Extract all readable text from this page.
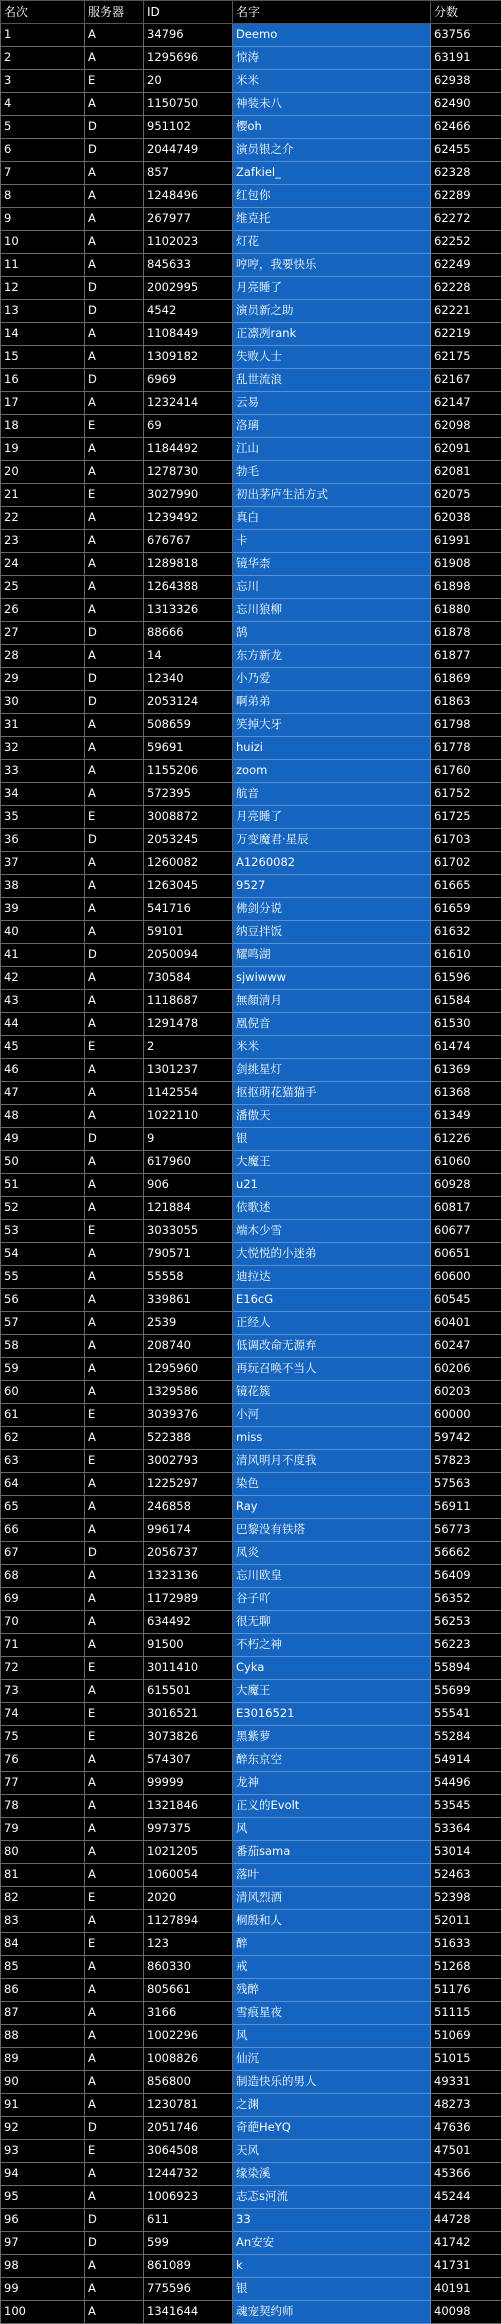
名次	服务器	ID	名字	分数
1	A	34796	Deemo	63756
2	A	1295696	惊涛	63191
3	E	20	米米	62938
4	A	1150750	神装未八	62490
5	D	951102	樱oh	62466
6	D	2044749	演员银之介	62455
7	A	857	Zafkiel_	62328
8	A	1248496	红包你	62289
9	A	267977	维克托	62272
10	A	1102023	灯花	62252
11	A	845633	哼哼，我要快乐	62249
12	D	2002995	月亮睡了	62228
13	D	4542	演员新之助	62221
14	A	1108449	正凛冽rank	62219
15	A	1309182	失败人士	62175
16	D	6969	乱世流浪	62167
17	A	1232414	云易	62147
18	E	69	洛璃	62098
19	A	1184492	江山	62091
20	A	1278730	勃毛	62081
21	E	3027990	初出茅庐生活方式	62075
22	A	1239492	真白	62038
23	A	676767	卡	61991
24	A	1289818	镜华柰	61908
25	A	1264388	忘川	61898
26	A	1313326	忘川狼柳	61880
27	D	88666	鹄	61878
28	A	14	东方新龙	61877
29	D	12340	小乃爱	61869
30	D	2053124	啊弟弟	61863
31	A	508659	笑掉大牙	61798
32	A	59691	huizi	61778
33	A	1155206	zoom	61760
34	A	572395	航音	61752
35	E	3008872	月亮睡了	61725
36	D	2053245	万变魔君·星辰	61703
37	A	1260082	A1260082	61702
38	A	1263045	9527	61665
39	A	541716	佛剑分说	61659
40	A	59101	纳豆拌饭	61632
41	D	2050094	耀鸣湖	61610
42	A	730584	sjwiwww	61596
43	A	1118687	無顏淸月	61584
44	A	1291478	凰倪音	61530
45	E	2	米米	61474
46	A	1301237	剑挑星灯	61369
47	A	1142554	抠抠萌花猫猫手	61368
48	A	1022110	潘傲天	61349
49	D	9	银	61226
50	A	617960	大魔王	61060
51	A	906	u21	60928
52	A	121884	依歌述	60817
53	E	3033055	端木少雪	60677
54	A	790571	大悦悦的小迷弟	60651
55	A	55558	迪拉达	60600
56	A	339861	E16cG	60545
57	A	2539	正经人	60401
58	A	208740	低调改命无源弃	60247
59	A	1295960	再玩召唤不当人	60206
60	A	1329586	镜花簇	60203
61	E	3039376	小河	60000
62	A	522388	miss	59742
63	E	3002793	清风明月不度我	57823
64	A	1225297	染色	57563
65	A	246858	Ray	56911
66	A	996174	巴黎没有铁塔	56773
67	D	2056737	凤炎	56662
68	A	1323136	忘川欧皇	56409
69	A	1172989	谷子吖	56352
70	A	634492	很无聊	56253
71	A	91500	不朽之神	56223
72	E	3011410	Cyka	55894
73	A	615501	大魔王	55699
74	E	3016521	E3016521	55541
75	E	3073826	黑紫萝	55284
76	A	574307	醉东京空	54914
77	A	99999	龙神	54496
78	A	1321846	正义的Evolt	53545
79	A	997375	风	53364
80	A	1021205	番茄sama	53014
81	A	1060054	落叶	52463
82	E	2020	清风烈酒	52398
83	A	1127894	桐殷和人	52011
84	E	123	醉	51633
85	A	860330	戒	51268
86	A	805661	残醉	51176
87	A	3166	雪痕星夜	51115
88	A	1002296	风	51069
89	A	1008826	仙沉	51015
90	A	856800	制造快乐的男人	49331
91	A	1230781	之渊	48273
92	D	2051746	奇葩HeYQ	47636
93	E	3064508	天风	47501
94	A	1244732	缘染溪	45366
95	A	1006923	志忑s河流	45244
96	D	611	33	44728
97	D	599	An安安	41742
98	A	861089	k	41731
99	A	775596	银	40191
100	A	1341644	魂宠契约师	40098
